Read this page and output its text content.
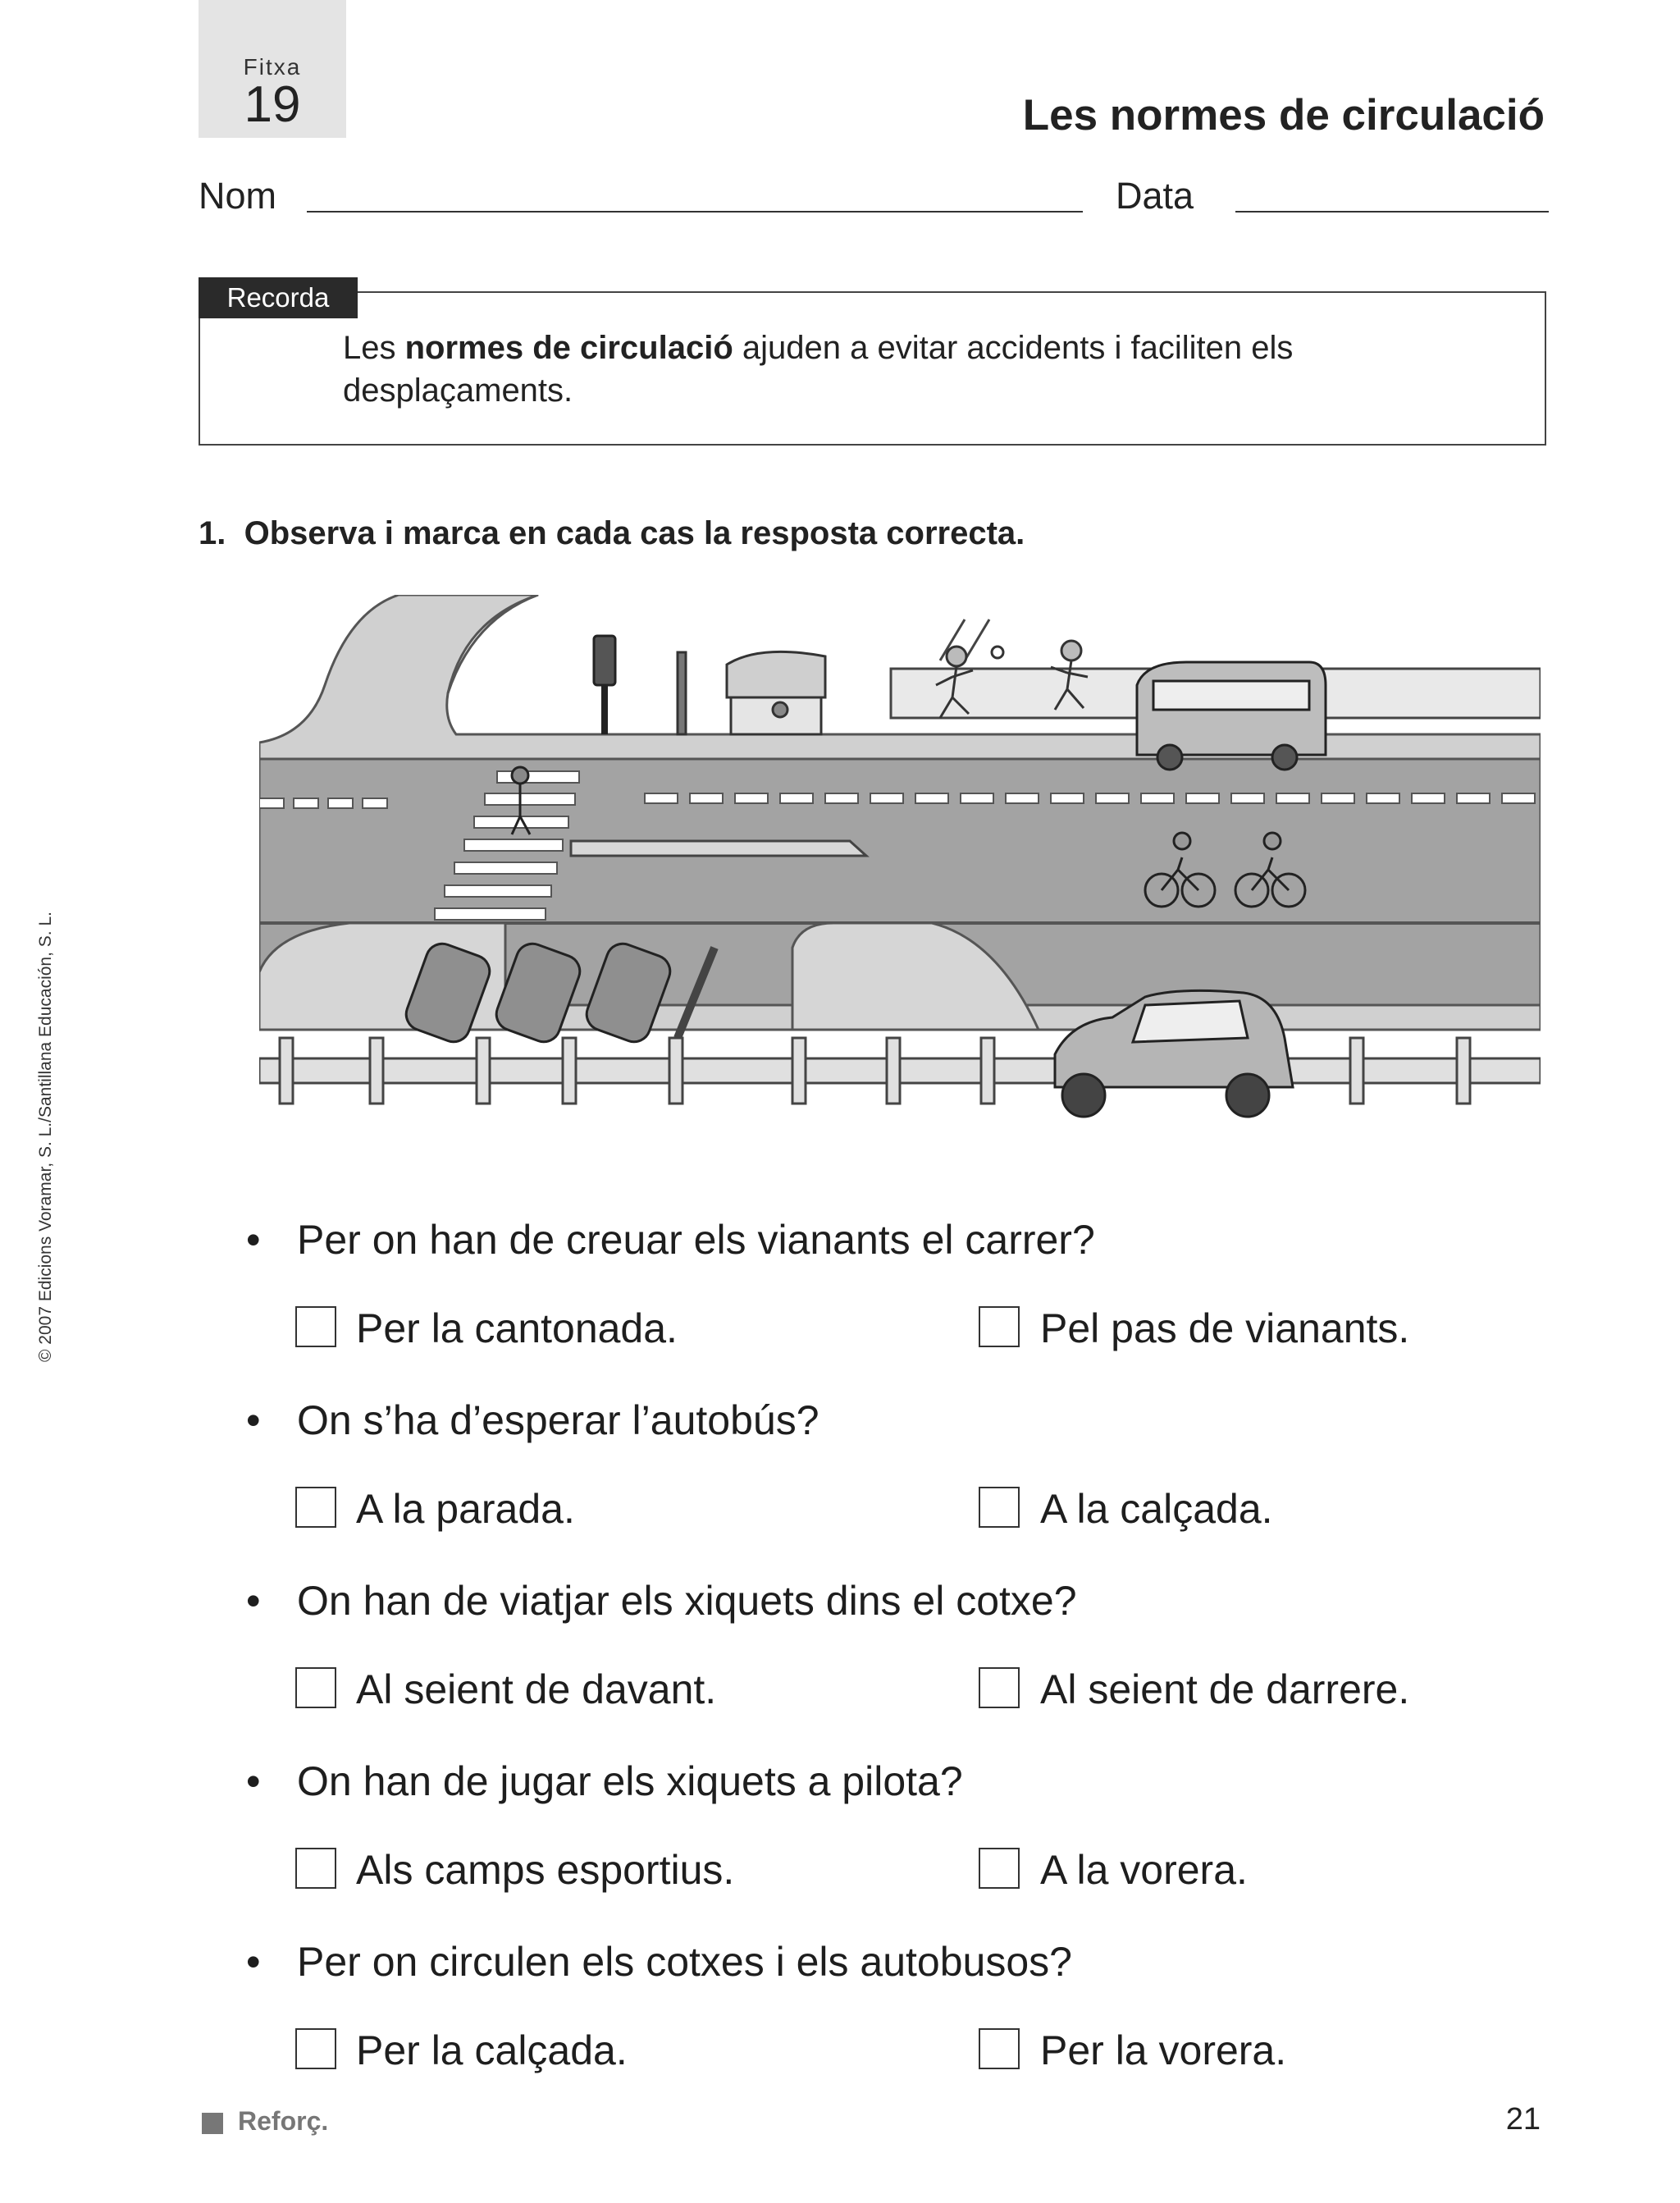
Fitxa
19	Les normes de circulació
Nom	Data
Recorda
Les normes de circulació ajuden a evitar accidents i faciliten els desplaçaments.
1. Observa i marca en cada cas la resposta correcta.
• Per on han de creuar els vianants el carrer?
Per la cantonada.	Pel pas de vianants.
• On s’ha d’esperar l’autobús?
A la parada.	A la calçada.
• On han de viatjar els xiquets dins el cotxe?
Al seient de davant.	Al seient de darrere.
• On han de jugar els xiquets a pilota?
Als camps esportius.	A la vorera.
• Per on circulen els cotxes i els autobusos?
Per la calçada.	Per la vorera.
© 2007 Edicions Voramar, S. L./Santillana Educación, S. L.
Reforç.	21
